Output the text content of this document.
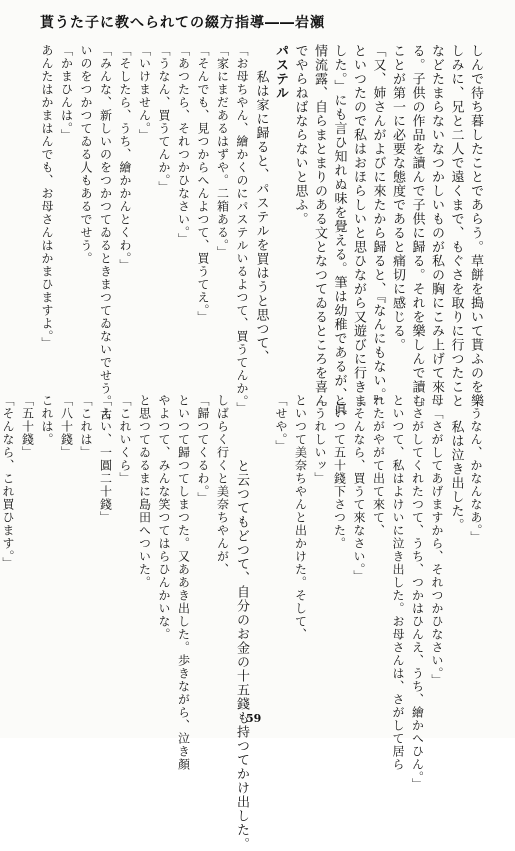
貰うた子に教へられての綴方指導――岩瀬
しんで待ち暮したことであらう。草餅を搗いて貰ふのを樂
しみに、兄と二人で遠くまで、もぐさを取りに行つたこと
などたまらないなつかしいものが私の胸にこみ上げて來
る。子供の作品を讀んで子供に歸る。それを樂しんで讀む
ことが第一に必要な態度であると痛切に感じる。
「又、姉さんがよびに來たから歸ると、『なんにもない。』
といつたので私はおほらしいと思ひながら又遊びに行きま
した。」にも言ひ知れぬ味を覺える。筆は幼稚であるが、眞
情流露、自らまとまりのある文となつてゐるところを喜ん
でやらねばならないと思ふ。
パステル
私は家に歸ると、パステルを買はうと思つて、
「お母ちやん、繪かくのにパステルいるよつて、買うてんか。」
「家にまだあるはずや。二箱ある。」
「そんでも、見つからへんよつて、買うてえ。」
「あつたら、それつかひなさい。」
「うなん、買うてんか。」
「いけません。」
「そしたら、うち、繪かかんとくわ。」
「みんな、新しいのをつかつてゐるときまつてゐないでせう。古
いのをつかつてゐる人もあるでせう。
「かまひんは。」
あんたはかまはんでも、お母さんはかまひますよ。」
「うなん、かなんなあ。」
私は泣き出した。
母「さがしてあげますから、それつかひなさい。」
「さがしてくれたつて、うち、つかはひんえ、うち、繪かへひん。」
といつて、私はよけいに泣き出した。お母さんは、さがして居ら
れたがやがて出て來て、
「そんなら、買うて來なさい。」
といつて五十錢下さつた。
「うれしいッ」
といつて美奈ちやんと出かけた。そして、
「せや。」
と云つてもどつて、自分のお金の十五錢も持つてかけ出した。
しばらく行くと美奈ちやんが、
「歸つてくるわ。」
といつて歸つてしまつた。又ああき出した。歩きながら、泣き顏
やよつて、みんな笑つてはらひんかいな。
と思つてゐるまに島田へついた。
「これいくら」
「えい、一圓二十錢」
「これは」
「八十錢」
これは。
「五十錢」
「そんなら、これ買ひます。」
59
